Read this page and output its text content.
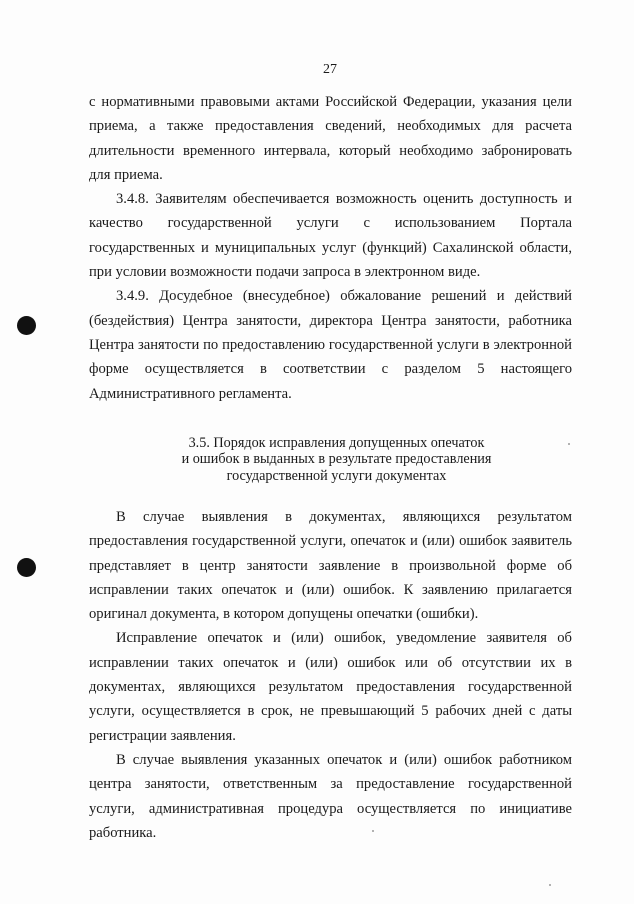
27

с нормативными правовыми актами Российской Федерации, указания цели приема, а также предоставления сведений, необходимых для расчета длительности временного интервала, который необходимо забронировать для приема.

3.4.8. Заявителям обеспечивается возможность оценить доступность и качество государственной услуги с использованием Портала государственных и муниципальных услуг (функций) Сахалинской области, при условии возможности подачи запроса в электронном виде.

3.4.9. Досудебное (внесудебное) обжалование решений и действий (бездействия) Центра занятости, директора Центра занятости, работника Центра занятости по предоставлению государственной услуги в электронной форме осуществляется в соответствии с разделом 5 настоящего Административного регламента.

3.5. Порядок исправления допущенных опечаток
и ошибок в выданных в результате предоставления
государственной услуги документах

В случае выявления в документах, являющихся результатом предоставления государственной услуги, опечаток и (или) ошибок заявитель представляет в центр занятости заявление в произвольной форме об исправлении таких опечаток и (или) ошибок. К заявлению прилагается оригинал документа, в котором допущены опечатки (ошибки).

Исправление опечаток и (или) ошибок, уведомление заявителя об исправлении таких опечаток и (или) ошибок или об отсутствии их в документах, являющихся результатом предоставления государственной услуги, осуществляется в срок, не превышающий 5 рабочих дней с даты регистрации заявления.

В случае выявления указанных опечаток и (или) ошибок работником центра занятости, ответственным за предоставление государственной услуги, административная процедура осуществляется по инициативе работника.
